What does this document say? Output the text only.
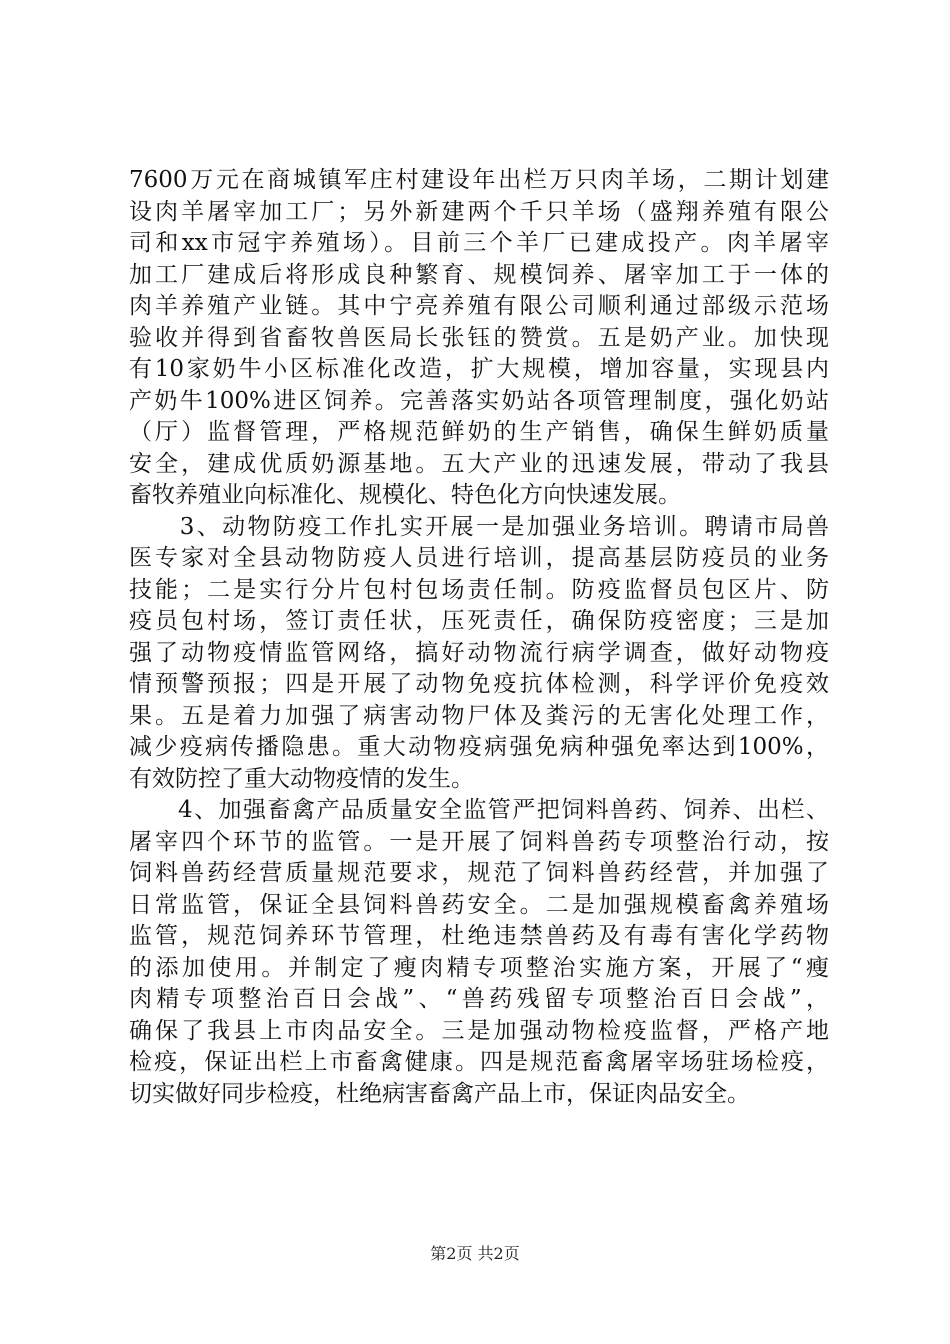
7600万元在商城镇军庄村建设年出栏万只肉羊场，二期计划建
设肉羊屠宰加工厂；另外新建两个千只羊场（盛翔养殖有限公
司和xx市冠宇养殖场）。目前三个羊厂已建成投产。肉羊屠宰
加工厂建成后将形成良种繁育、规模饲养、屠宰加工于一体的
肉羊养殖产业链。其中宁亮养殖有限公司顺利通过部级示范场
验收并得到省畜牧兽医局长张钰的赞赏。五是奶产业。加快现
有10家奶牛小区标准化改造，扩大规模，增加容量，实现县内
产奶牛100%进区饲养。完善落实奶站各项管理制度，强化奶站
（厅）监督管理，严格规范鲜奶的生产销售，确保生鲜奶质量
安全，建成优质奶源基地。五大产业的迅速发展，带动了我县
畜牧养殖业向标准化、规模化、特色化方向快速发展。
　　3、动物防疫工作扎实开展一是加强业务培训。聘请市局兽
医专家对全县动物防疫人员进行培训，提高基层防疫员的业务
技能；二是实行分片包村包场责任制。防疫监督员包区片、防
疫员包村场，签订责任状，压死责任，确保防疫密度；三是加
强了动物疫情监管网络，搞好动物流行病学调查，做好动物疫
情预警预报；四是开展了动物免疫抗体检测，科学评价免疫效
果。五是着力加强了病害动物尸体及粪污的无害化处理工作，
减少疫病传播隐患。重大动物疫病强免病种强免率达到100%，
有效防控了重大动物疫情的发生。
　　4、加强畜禽产品质量安全监管严把饲料兽药、饲养、出栏、
屠宰四个环节的监管。一是开展了饲料兽药专项整治行动，按
饲料兽药经营质量规范要求，规范了饲料兽药经营，并加强了
日常监管，保证全县饲料兽药安全。二是加强规模畜禽养殖场
监管，规范饲养环节管理，杜绝违禁兽药及有毒有害化学药物
的添加使用。并制定了瘦肉精专项整治实施方案，开展了“瘦
肉精专项整治百日会战”、“兽药残留专项整治百日会战”，
确保了我县上市肉品安全。三是加强动物检疫监督，严格产地
检疫，保证出栏上市畜禽健康。四是规范畜禽屠宰场驻场检疫，
切实做好同步检疫，杜绝病害畜禽产品上市，保证肉品安全。
第2页 共2页
